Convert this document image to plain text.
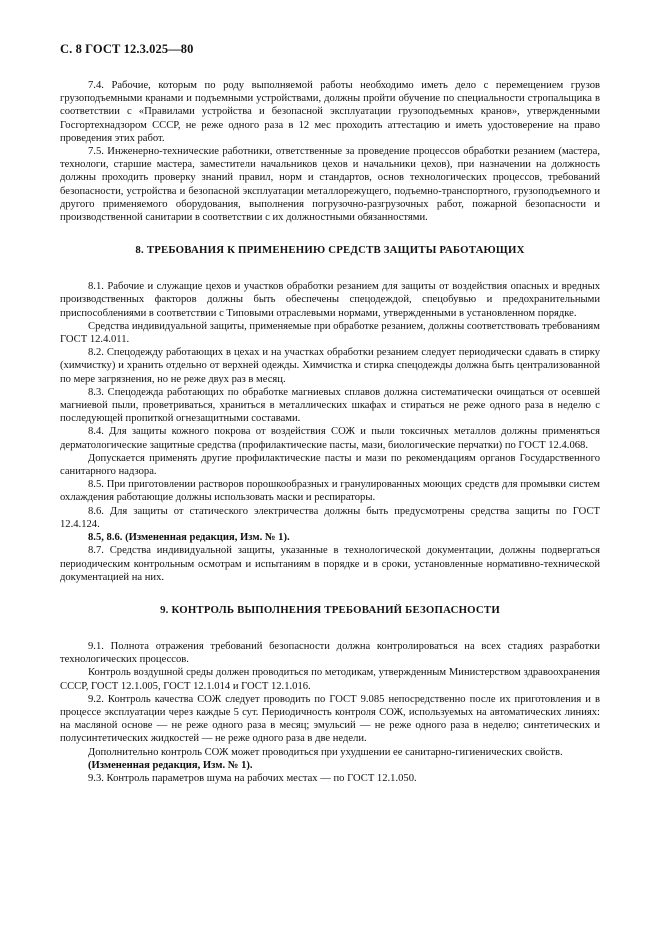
С. 8 ГОСТ 12.3.025—80

7.4. Рабочие, которым по роду выполняемой работы необходимо иметь дело с перемещением грузов грузоподъемными кранами и подъемными устройствами, должны пройти обучение по специальности стропальщика в соответствии с «Правилами устройства и безопасной эксплуатации грузоподъемных кранов», утвержденными Госгортехнадзором СССР, не реже одного раза в 12 мес проходить аттестацию и иметь удостоверение на право проведения этих работ.

7.5. Инженерно-технические работники, ответственные за проведение процессов обработки резанием (мастера, технологи, старшие мастера, заместители начальников цехов и начальники цехов), при назначении на должность должны проходить проверку знаний правил, норм и стандартов, основ технологических процессов, требований безопасности, устройства и безопасной эксплуатации металлорежущего, подъемно-транспортного, грузоподъемного и другого применяемого оборудования, выполнения погрузочно-разгрузочных работ, пожарной безопасности и производственной санитарии в соответствии с их должностными обязанностями.

8. ТРЕБОВАНИЯ К ПРИМЕНЕНИЮ СРЕДСТВ ЗАЩИТЫ РАБОТАЮЩИХ

8.1. Рабочие и служащие цехов и участков обработки резанием для защиты от воздействия опасных и вредных производственных факторов должны быть обеспечены спецодеждой, спецобувью и предохранительными приспособлениями в соответствии с Типовыми отраслевыми нормами, утвержденными в установленном порядке.

Средства индивидуальной защиты, применяемые при обработке резанием, должны соответствовать требованиям ГОСТ 12.4.011.

8.2. Спецодежду работающих в цехах и на участках обработки резанием следует периодически сдавать в стирку (химчистку) и хранить отдельно от верхней одежды. Химчистка и стирка спецодежды должна быть централизованной по мере загрязнения, но не реже двух раз в месяц.

8.3. Спецодежда работающих по обработке магниевых сплавов должна систематически очищаться от осевшей магниевой пыли, проветриваться, храниться в металлических шкафах и стираться не реже одного раза в неделю с последующей пропиткой огнезащитными составами.

8.4. Для защиты кожного покрова от воздействия СОЖ и пыли токсичных металлов должны применяться дерматологические защитные средства (профилактические пасты, мази, биологические перчатки) по ГОСТ 12.4.068.

Допускается применять другие профилактические пасты и мази по рекомендациям органов Государственного санитарного надзора.

8.5. При приготовлении растворов порошкообразных и гранулированных моющих средств для промывки систем охлаждения работающие должны использовать маски и респираторы.

8.6. Для защиты от статического электричества должны быть предусмотрены средства защиты по ГОСТ 12.4.124.

8.5, 8.6. (Измененная редакция, Изм. № 1).

8.7. Средства индивидуальной защиты, указанные в технологической документации, должны подвергаться периодическим контрольным осмотрам и испытаниям в порядке и в сроки, установленные нормативно-технической документацией на них.

9. КОНТРОЛЬ ВЫПОЛНЕНИЯ ТРЕБОВАНИЙ БЕЗОПАСНОСТИ

9.1. Полнота отражения требований безопасности должна контролироваться на всех стадиях разработки технологических процессов.

Контроль воздушной среды должен проводиться по методикам, утвержденным Министерством здравоохранения СССР, ГОСТ 12.1.005, ГОСТ 12.1.014 и ГОСТ 12.1.016.

9.2. Контроль качества СОЖ следует проводить по ГОСТ 9.085 непосредственно после их приготовления и в процессе эксплуатации через каждые 5 сут. Периодичность контроля СОЖ, используемых на автоматических линиях: на масляной основе — не реже одного раза в месяц; эмульсий — не реже одного раза в неделю; синтетических и полусинтетических жидкостей — не реже одного раза в две недели.

Дополнительно контроль СОЖ может проводиться при ухудшении ее санитарно-гигиенических свойств.

(Измененная редакция, Изм. № 1).

9.3. Контроль параметров шума на рабочих местах — по ГОСТ 12.1.050.
